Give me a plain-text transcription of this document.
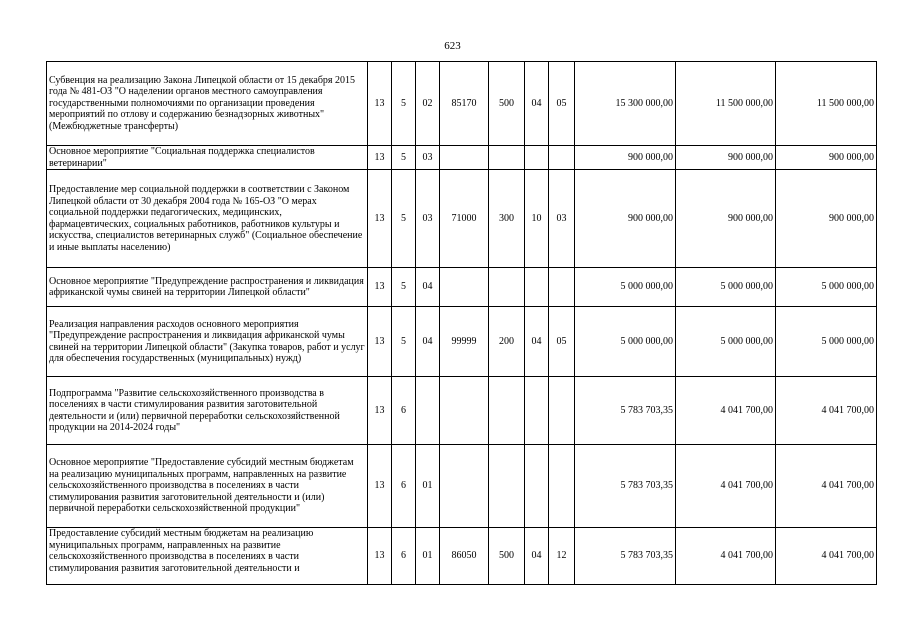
623
Субвенция на реализацию Закона Липецкой области от 15 декабря 2015 года № 481-ОЗ "О наделении органов местного самоуправления государственными полномочиями по организации проведения мероприятий по отлову и содержанию безнадзорных животных" (Межбюджетные трансферты)	13	5	02	85170	500	04	05	15 300 000,00	11 500 000,00	11 500 000,00
Основное мероприятие "Социальная поддержка специалистов ветеринарии"	13	5	03					900 000,00	900 000,00	900 000,00
Предоставление мер социальной поддержки в соответствии с Законом Липецкой области от 30 декабря 2004 года № 165-ОЗ "О мерах социальной поддержки педагогических, медицинских, фармацевтических, социальных работников, работников культуры и искусства, специалистов ветеринарных служб" (Социальное обеспечение и иные выплаты населению)	13	5	03	71000	300	10	03	900 000,00	900 000,00	900 000,00
Основное мероприятие "Предупреждение распространения и ликвидация африканской чумы свиней на территории Липецкой области"	13	5	04					5 000 000,00	5 000 000,00	5 000 000,00
Реализация направления расходов основного мероприятия "Предупреждение распространения и ликвидация африканской чумы свиней на территории Липецкой области" (Закупка товаров, работ и услуг для обеспечения государственных (муниципальных) нужд)	13	5	04	99999	200	04	05	5 000 000,00	5 000 000,00	5 000 000,00
Подпрограмма "Развитие сельскохозяйственного производства в поселениях в части стимулирования развития заготовительной деятельности и (или) первичной переработки сельскохозяйственной продукции на 2014-2024 годы"	13	6						5 783 703,35	4 041 700,00	4 041 700,00
Основное мероприятие "Предоставление субсидий местным бюджетам на реализацию муниципальных программ, направленных на развитие сельскохозяйственного производства в поселениях в части стимулирования развития заготовительной деятельности и (или) первичной переработки сельскохозяйственной продукции"	13	6	01					5 783 703,35	4 041 700,00	4 041 700,00
Предоставление субсидий местным бюджетам на реализацию муниципальных программ, направленных на развитие сельскохозяйственного производства в поселениях в части стимулирования развития заготовительной деятельности и	13	6	01	86050	500	04	12	5 783 703,35	4 041 700,00	4 041 700,00
